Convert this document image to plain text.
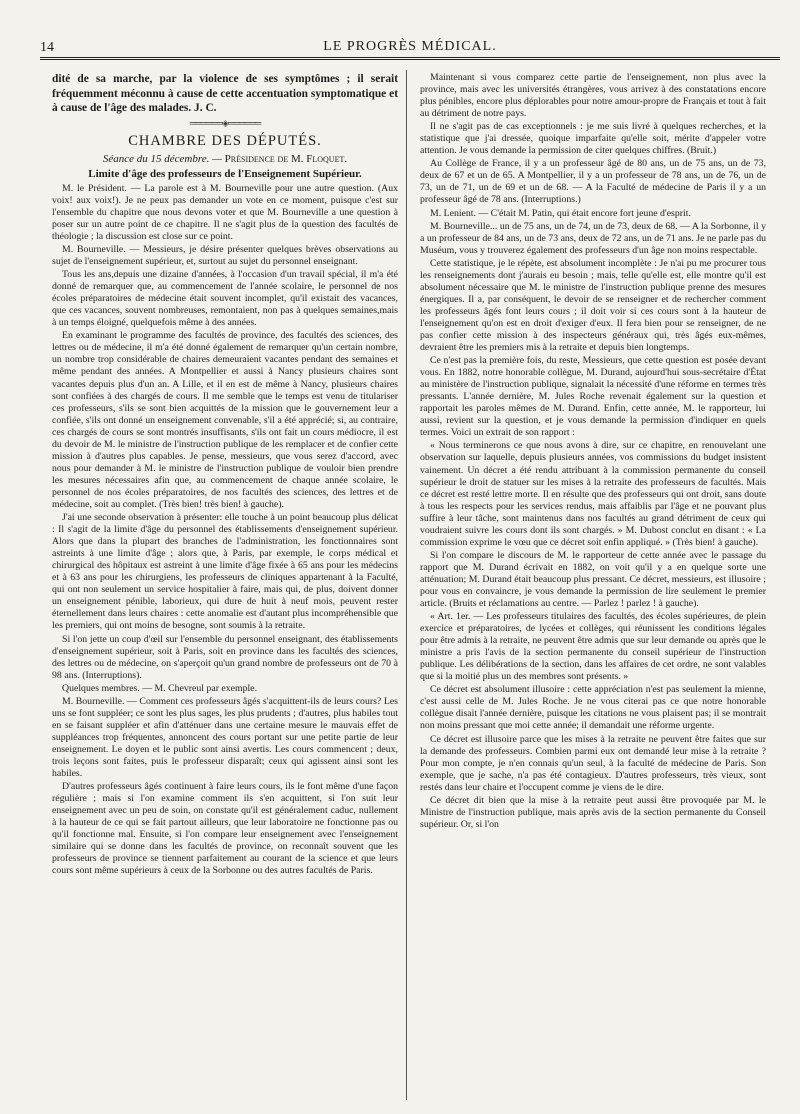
14	LE PROGRÈS MÉDICAL.

dité de sa marche, par la violence de ses symptômes ; il serait fréquemment méconnu à cause de cette accentuation symptomatique et à cause de l'âge des malades. J. C.

══════◈══════
CHAMBRE DES DÉPUTÉS.
Séance du 15 décembre. — Présidence de M. Floquet.
Limite d'âge des professeurs de l'Enseignement Supérieur.

M. le Président. — La parole est à M. Bourneville pour une autre question. (Aux voix! aux voix!). Je ne peux pas demander un vote en ce moment, puisque c'est sur l'ensemble du chapitre que nous devons voter et que M. Bourneville a une question à poser sur un autre point de ce chapitre. Il ne s'agit plus de la question des facultés de théologie ; la discussion est close sur ce point.

M. Bourneville. — Messieurs, je désire présenter quelques brèves observations au sujet de l'enseignement supérieur, et, surtout au sujet du personnel enseignant.

Tous les ans,depuis une dizaine d'années, à l'occasion d'un travail spécial, il m'a été donné de remarquer que, au commencement de l'année scolaire, le personnel de nos écoles préparatoires de médecine était souvent incomplet, qu'il existait des vacances, que ces vacances, souvent nombreuses, remontaient, non pas à quelques semaines,mais à un temps éloigné, quelquefois même à des années.

En examinant le programme des facultés de province, des facultés des sciences, des lettres ou de médecine, il m'a été donné également de remarquer qu'un certain nombre, un nombre trop considérable de chaires demeuraient vacantes pendant des semaines et même pendant des années. A Montpellier et aussi à Nancy plusieurs chaires sont vacantes depuis plus d'un an. A Lille, et il en est de même à Nancy, plusieurs chaires sont confiées à des chargés de cours. Il me semble que le temps est venu de titulariser ces professeurs, s'ils se sont bien acquittés de la mission que le gouvernement leur a confiée, s'ils ont donné un enseignement convenable, s'il a été apprécié; si, au contraire, ces chargés de cours se sont montrés insuffisants, s'ils ont fait un cours médiocre, il est du devoir de M. le ministre de l'instruction publique de les remplacer et de confier cette mission à d'autres plus capables. Je pense, messieurs, que vous serez d'accord, avec nous pour demander à M. le ministre de l'instruction publique de vouloir bien prendre les mesures nécessaires afin que, au commencement de chaque année scolaire, le personnel de nos écoles préparatoires, de nos facultés des sciences, des lettres et de médecine, soit au complet. (Très bien! très bien! à gauche).

J'ai une seconde observation à présenter: elle touche à un point beaucoup plus délicat : Il s'agit de la limite d'âge du personnel des établissements d'enseignement supérieur. Alors que dans la plupart des branches de l'administration, les fonctionnaires sont astreints à une limite d'âge ; alors que, à Paris, par exemple, le corps médical et chirurgical des hôpitaux est astreint à une limite d'âge fixée à 65 ans pour les médecins et à 63 ans pour les chirurgiens, les professeurs de cliniques appartenant à la Faculté, qui ont non seulement un service hospitalier à faire, mais qui, de plus, doivent donner un enseignement pénible, laborieux, qui dure de huit à neuf mois, peuvent rester éternellement dans leurs chaires : cette anomalie est d'autant plus incompréhensible que les premiers, qui ont moins de besogne, sont soumis à la retraite.

Si l'on jette un coup d'œil sur l'ensemble du personnel enseignant, des établissements d'enseignement supérieur, soit à Paris, soit en province dans les facultés des sciences, des lettres ou de médecine, on s'aperçoit qu'un grand nombre de professeurs ont de 70 à 98 ans. (Interruptions).

Quelques membres. — M. Chevreul par exemple.

M. Bourneville. — Comment ces professeurs âgés s'acquittent-ils de leurs cours? Les uns se font suppléer; ce sont les plus sages, les plus prudents ; d'autres, plus habiles tout en se faisant suppléer et afin d'atténuer dans une certaine mesure le mauvais effet de suppléances trop fréquentes, annoncent des cours portant sur une petite partie de leur enseignement. Le doyen et le public sont ainsi avertis. Les cours commencent ; deux, trois leçons sont faites, puis le professeur disparaît; ceux qui agissent ainsi sont les habiles.

D'autres professeurs âgés continuent à faire leurs cours, ils le font même d'une façon régulière ; mais si l'on examine comment ils s'en acquittent, si l'on suit leur enseignement avec un peu de soin, on constate qu'il est généralement caduc, nullement à la hauteur de ce qui se fait partout ailleurs, que leur laboratoire ne fonctionne pas ou qu'il fonctionne mal. Ensuite, si l'on compare leur enseignement avec l'enseignement similaire qui se donne dans les facultés de province, on reconnaît souvent que les professeurs de province se tiennent parfaitement au courant de la science et que leurs cours sont même supérieurs à ceux de la Sorbonne ou des autres facultés de Paris.

Maintenant si vous comparez cette partie de l'enseignement, non plus avec la province, mais avec les universités étrangères, vous arrivez à des constatations encore plus pénibles, encore plus déplorables pour notre amour-propre de Français et tout à fait au détriment de notre pays.

Il ne s'agit pas de cas exceptionnels : je me suis livré à quelques recherches, et la statistique que j'ai dressée, quoique imparfaite qu'elle soit, mérite d'appeler votre attention. Je vous demande la permission de citer quelques chiffres. (Bruit.)

Au Collège de France, il y a un professeur âgé de 80 ans, un de 75 ans, un de 73, deux de 67 et un de 65. A Montpellier, il y a un professeur de 78 ans, un de 76, un de 73, un de 71, un de 69 et un de 68. — A la Faculté de médecine de Paris il y a un professeur âgé de 78 ans. (Interruptions.)

M. Lenient. — C'était M. Patin, qui était encore fort jeune d'esprit.

M. Bourneville... un de 75 ans, un de 74, un de 73, deux de 68. — A la Sorbonne, il y a un professeur de 84 ans, un de 73 ans, deux de 72 ans, un de 71 ans. Je ne parle pas du Muséum, vous y trouverez également des professeurs d'un âge non moins respectable.

Cette statistique, je le répète, est absolument incomplète : Je n'ai pu me procurer tous les renseignements dont j'aurais eu besoin ; mais, telle qu'elle est, elle montre qu'il est absolument nécessaire que M. le ministre de l'instruction publique prenne des mesures énergiques. Il a, par conséquent, le devoir de se renseigner et de rechercher comment les professeurs âgés font leurs cours ; il doit voir si ces cours sont à la hauteur de l'enseignement qu'on est en droit d'exiger d'eux. Il fera bien pour se renseigner, de ne pas confier cette mission à des inspecteurs généraux qui, très âgés eux-mêmes, devraient être les premiers mis à la retraite et depuis bien longtemps.

Ce n'est pas la première fois, du reste, Messieurs, que cette question est posée devant vous. En 1882, notre honorable collègue, M. Durand, aujourd'hui sous-secrétaire d'État au ministère de l'instruction publique, signalait la nécessité d'une réforme en termes très pressants. L'année dernière, M. Jules Roche revenait également sur la question et rapportait les paroles mêmes de M. Durand. Enfin, cette année, M. le rapporteur, lui aussi, revient sur la question, et je vous demande la permission d'indiquer en quels termes. Voici un extrait de son rapport :

« Nous terminerons ce que nous avons à dire, sur ce chapitre, en renouvelant une observation sur laquelle, depuis plusieurs années, vos commissions du budget insistent vainement. Un décret a été rendu attribuant à la commission permanente du conseil supérieur le droit de statuer sur les mises à la retraite des professeurs de facultés. Mais ce décret est resté lettre morte. Il en résulte que des professeurs qui ont droit, sans doute à tous les respects pour les services rendus, mais affaiblis par l'âge et ne pouvant plus suffire à leur tâche, sont maintenus dans nos facultés au grand détriment de ceux qui voudraient suivre les cours dont ils sont chargés. » M. Dubost conclut en disant : « La commission exprime le vœu que ce décret soit enfin appliqué. » (Très bien! à gauche).

Si l'on compare le discours de M. le rapporteur de cette année avec le passage du rapport que M. Durand écrivait en 1882, on voit qu'il y a en quelque sorte une atténuation; M. Durand était beaucoup plus pressant. Ce décret, messieurs, est illusoire ; pour vous en convaincre, je vous demande la permission de lire seulement le premier article. (Bruits et réclamations au centre. — Parlez ! parlez ! à gauche).

« Art. 1er. — Les professeurs titulaires des facultés, des écoles supérieures, de plein exercice et préparatoires, de lycées et collèges, qui réunissent les conditions légales pour être admis à la retraite, ne peuvent être admis que sur leur demande ou après que le ministre a pris l'avis de la section permanente du conseil supérieur de l'instruction publique. Les délibérations de la section, dans les affaires de cet ordre, ne sont valables que si la moitié plus un des membres sont présents. »

Ce décret est absolument illusoire : cette appréciation n'est pas seulement la mienne, c'est aussi celle de M. Jules Roche. Je ne vous citerai pas ce que notre honorable collègue disait l'année dernière, puisque les citations ne vous plaisent pas; il se montrait non moins pressant que moi cette année; il demandait une réforme urgente.

Ce décret est illusoire parce que les mises à la retraite ne peuvent être faites que sur la demande des professeurs. Combien parmi eux ont demandé leur mise à la retraite ? Pour mon compte, je n'en connais qu'un seul, à la faculté de médecine de Paris. Son exemple, que je sache, n'a pas été contagieux. D'autres professeurs, très vieux, sont restés dans leur chaire et l'occupent comme je viens de le dire.

Ce décret dit bien que la mise à la retraite peut aussi être provoquée par M. le Ministre de l'instruction publique, mais après avis de la section permanente du Conseil supérieur. Or, si l'on
